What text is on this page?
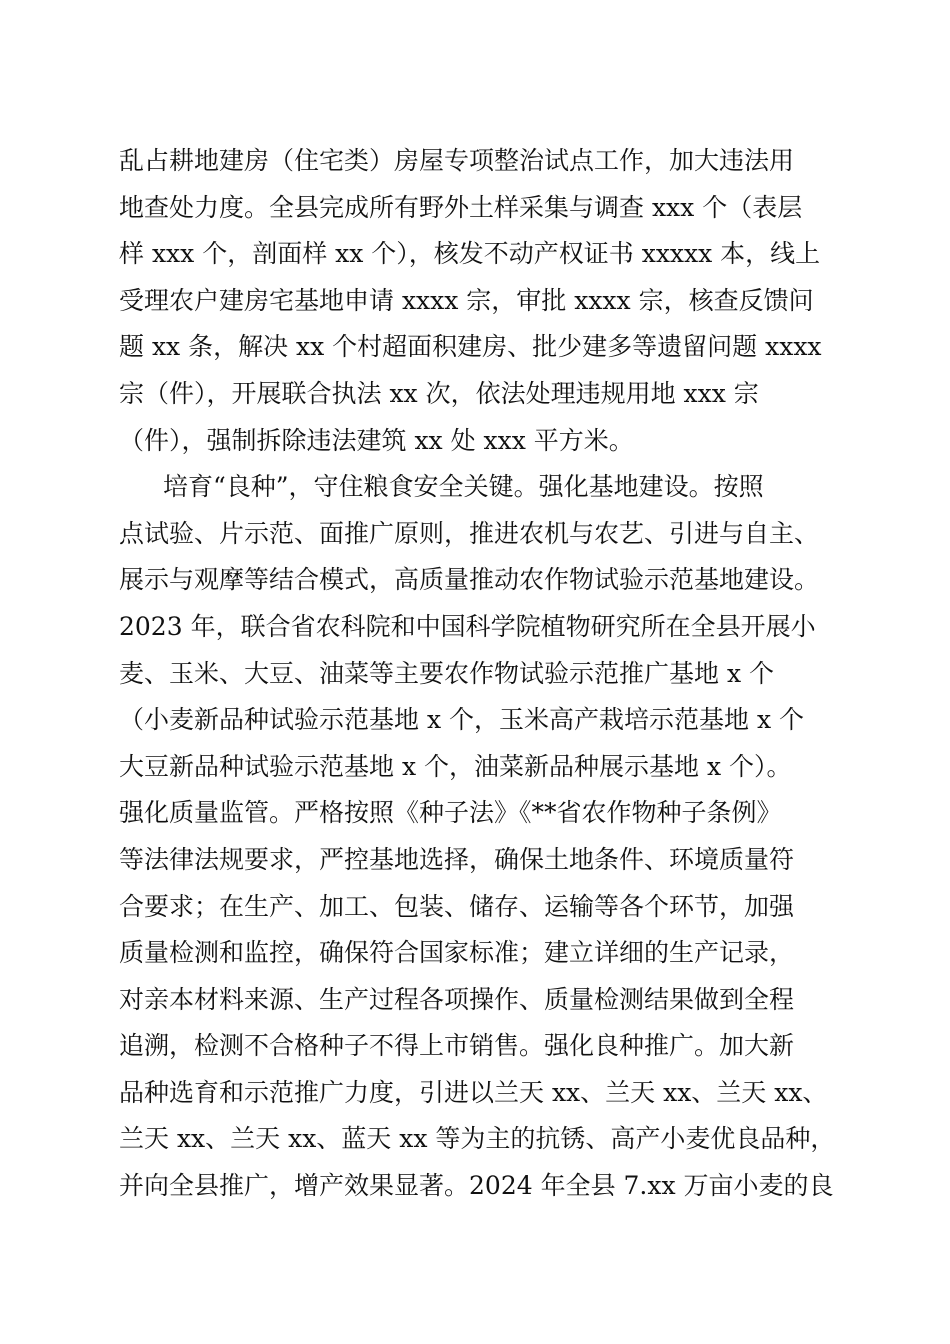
乱占耕地建房（住宅类）房屋专项整治试点工作，加大违法用
地查处力度。全县完成所有野外土样采集与调查 xxx 个（表层
样 xxx 个，剖面样 xx 个），核发不动产权证书 xxxxx 本，线上
受理农户建房宅基地申请 xxxx 宗，审批 xxxx 宗，核查反馈问
题 xx 条，解决 xx 个村超面积建房、批少建多等遗留问题 xxxx
宗（件），开展联合执法 xx 次，依法处理违规用地 xxx 宗
（件），强制拆除违法建筑 xx 处 xxx 平方米。
培育“良种”，守住粮食安全关键。强化基地建设。按照
点试验、片示范、面推广原则，推进农机与农艺、引进与自主、
展示与观摩等结合模式，高质量推动农作物试验示范基地建设。
2023 年，联合省农科院和中国科学院植物研究所在全县开展小
麦、玉米、大豆、油菜等主要农作物试验示范推广基地 x 个
（小麦新品种试验示范基地 x 个，玉米高产栽培示范基地 x 个
大豆新品种试验示范基地 x 个，油菜新品种展示基地 x 个）。
强化质量监管。严格按照《种子法》《**省农作物种子条例》
等法律法规要求，严控基地选择，确保土地条件、环境质量符
合要求；在生产、加工、包装、储存、运输等各个环节，加强
质量检测和监控，确保符合国家标准；建立详细的生产记录，
对亲本材料来源、生产过程各项操作、质量检测结果做到全程
追溯，检测不合格种子不得上市销售。强化良种推广。加大新
品种选育和示范推广力度，引进以兰天 xx、兰天 xx、兰天 xx、
兰天 xx、兰天 xx、蓝天 xx 等为主的抗锈、高产小麦优良品种，
并向全县推广，增产效果显著。2024 年全县 7.xx 万亩小麦的良
